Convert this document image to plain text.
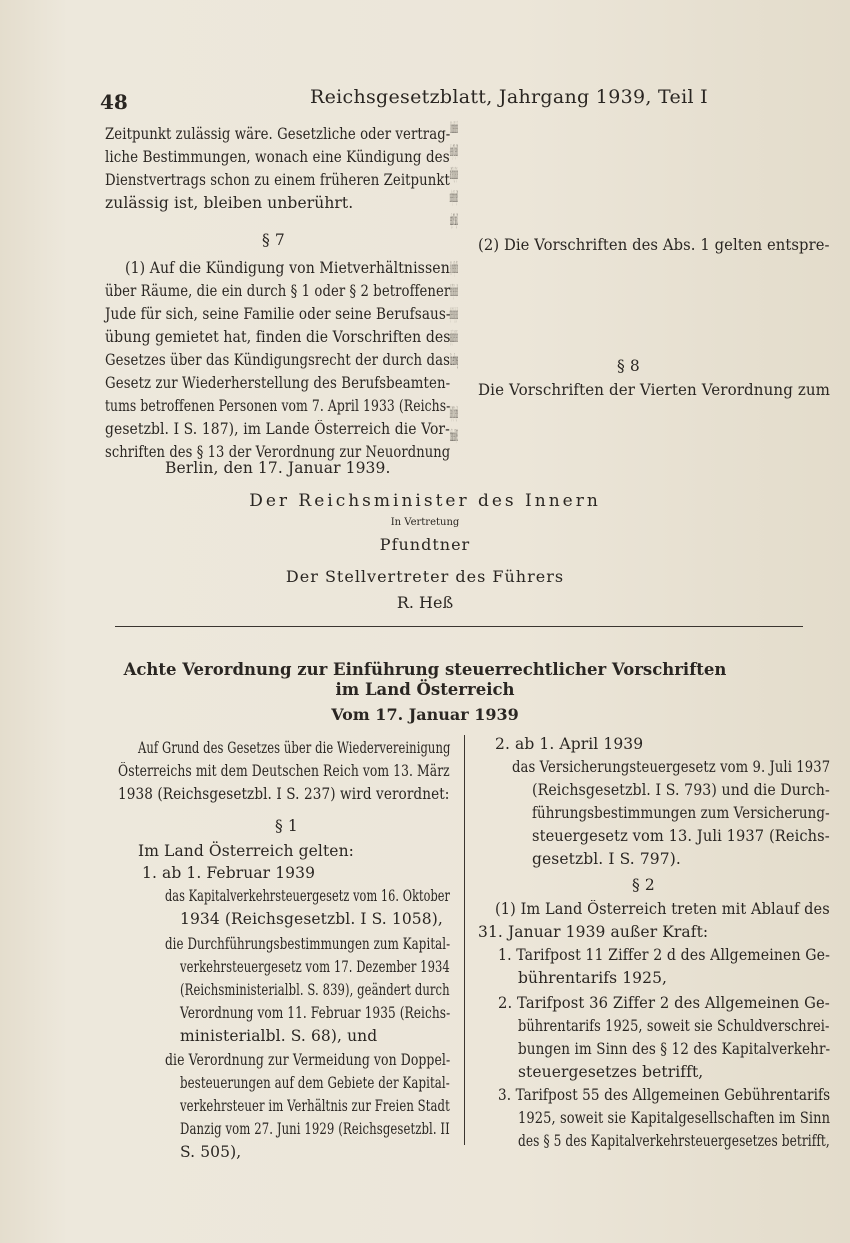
48	Reichsgesetzblatt, Jahrgang 1939, Teil I
Zeitpunkt zulässig wäre. Gesetzliche oder vertrag-
liche Bestimmungen, wonach eine Kündigung des
Dienstvertrags schon zu einem früheren Zeitpunkt
zulässig ist, bleiben unberührt.
§ 7
(1) Auf die Kündigung von Mietverhältnissen
über Räume, die ein durch § 1 oder § 2 betroffener
Jude für sich, seine Familie oder seine Berufsaus-
übung gemietet hat, finden die Vorschriften des
Gesetzes über das Kündigungsrecht der durch das
Gesetz zur Wiederherstellung des Berufsbeamten-
tums betroffenen Personen vom 7. April 1933 (Reichs-
gesetzbl. I S. 187), im Lande Österreich die Vor-
schriften des § 13 der Verordnung zur Neuordnung
des österreichischen Berufsbeamtentums vom 31. Mai
1938 (Reichsgesetzbl. I S. 607) entsprechende An-
wendung. Die Kündigung muß für den 28. Februar
1939 erfolgen und dem Vermieter spätestens am
31. Januar 1939 zugehen.
(2) Die Vorschriften des Abs. 1 gelten entspre-
chend für Dienstverpflichtete der von § 1 oder § 2
Betroffenen, wenn sie infolge des Erlöschens der Be-
stallung oder der Approbation des Dienstberechtigten
oder des Verbots der Berufsausübung stellungslos
geworden sind.	§ 8
Die Vorschriften der Vierten Verordnung zum
Reichsbürgergesetz vom 25. Juli 1938 (Reichsgesetzbl. I
S. 969) bleiben unberührt.
Berlin, den 17. Januar 1939.
Der Reichsminister des Innern
In Vertretung
Pfundtner
Der Stellvertreter des Führers
R. Heß
Achte Verordnung zur Einführung steuerrechtlicher Vorschriften
im Land Österreich
Vom 17. Januar 1939
Auf Grund des Gesetzes über die Wiedervereinigung
Österreichs mit dem Deutschen Reich vom 13. März
1938 (Reichsgesetzbl. I S. 237) wird verordnet:
§ 1
Im Land Österreich gelten:
1. ab 1. Februar 1939
das Kapitalverkehrsteuergesetz vom 16. Oktober
1934 (Reichsgesetzbl. I S. 1058),
die Durchführungsbestimmungen zum Kapital-
verkehrsteuergesetz vom 17. Dezember 1934
(Reichsministerialbl. S. 839), geändert durch
Verordnung vom 11. Februar 1935 (Reichs-
ministerialbl. S. 68), und
die Verordnung zur Vermeidung von Doppel-
besteuerungen auf dem Gebiete der Kapital-
verkehrsteuer im Verhältnis zur Freien Stadt
Danzig vom 27. Juni 1929 (Reichsgesetzbl. II
S. 505),
2. ab 1. April 1939
das Versicherungsteuergesetz vom 9. Juli 1937
(Reichsgesetzbl. I S. 793) und die Durch-
führungsbestimmungen zum Versicherung-
steuergesetz vom 13. Juli 1937 (Reichs-
gesetzbl. I S. 797).
§ 2
(1) Im Land Österreich treten mit Ablauf des
31. Januar 1939 außer Kraft:
1. Tarifpost 11 Ziffer 2 d des Allgemeinen Ge-
bührentarifs 1925,
2. Tarifpost 36 Ziffer 2 des Allgemeinen Ge-
bührentarifs 1925, soweit sie Schuldverschrei-
bungen im Sinn des § 12 des Kapitalverkehr-
steuergesetzes betrifft,
3. Tarifpost 55 des Allgemeinen Gebührentarifs
1925, soweit sie Kapitalgesellschaften im Sinn
des § 5 des Kapitalverkehrsteuergesetzes betrifft,
